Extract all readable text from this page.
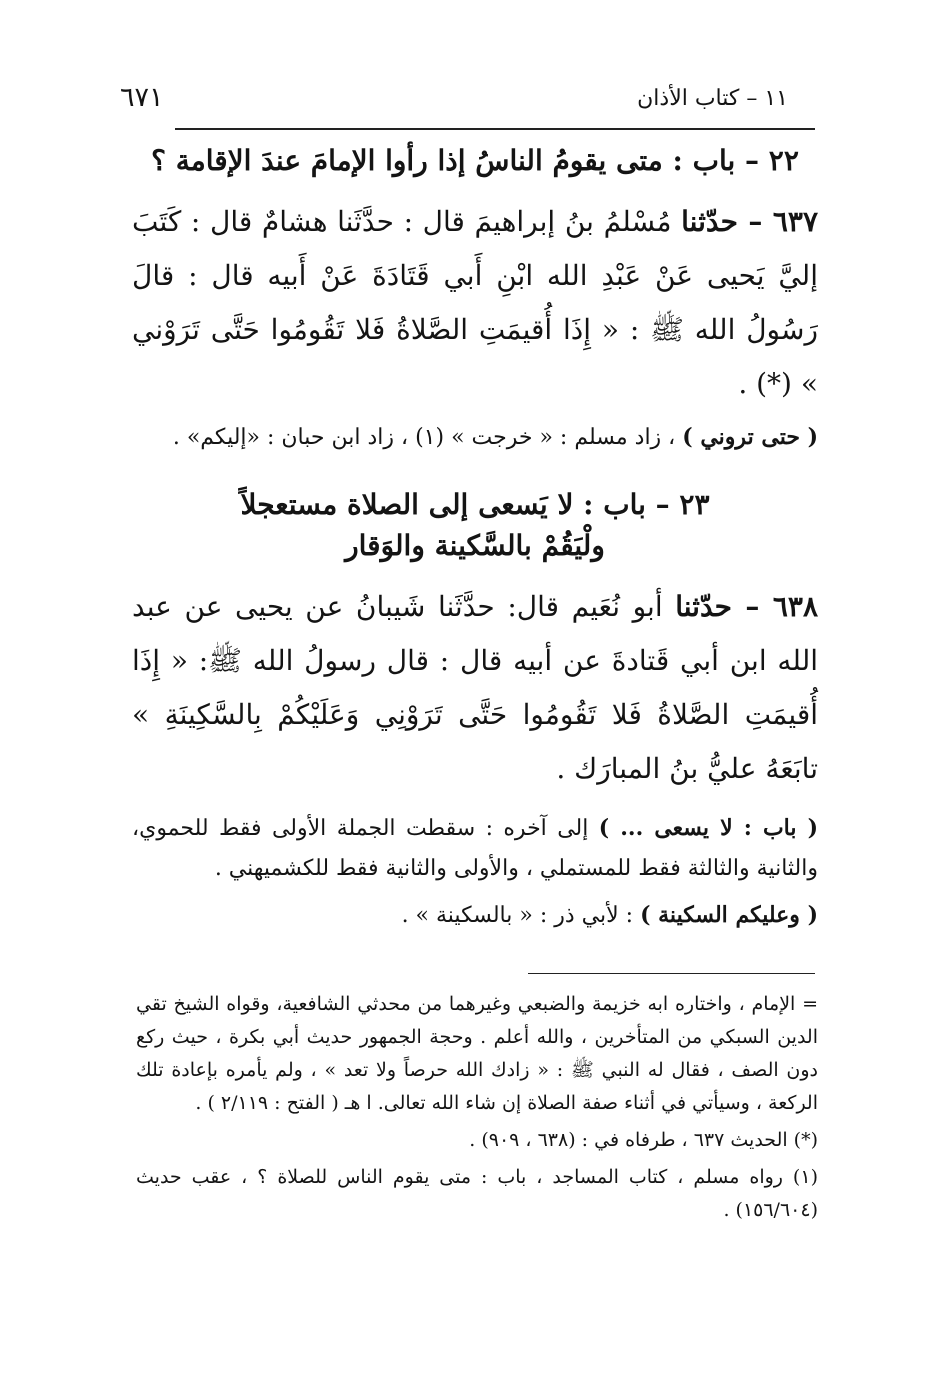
٦٧١	١١ – كتاب الأذان
٢٢ – باب : متى يقومُ الناسُ إذا رأوا الإمامَ عندَ الإقامة ؟

٦٣٧ – حدّثنا مُسْلمُ بنُ إبراهيمَ قال : حدَّثَنا هشامٌ قال : كَتَبَ إليَّ يَحيى عَنْ عَبْدِ الله ابْنِ أَبي قَتَادَةَ عَنْ أَبيه قال : قالَ رَسُولُ الله ﷺ : « إِذَا أُقيمَتِ الصَّلاةُ فَلا تَقُومُوا حَتَّى تَرَوْني » (*) .

( حتى تروني ) ، زاد مسلم : « خرجت » (١) ، زاد ابن حبان : «إليكم» .
٢٣ – باب : لا يَسعى إلى الصلاة مستعجلاً
ولْيَقُمْ بالسَّكينة والوَقار

٦٣٨ – حدّثنا أبو نُعَيم قال: حدَّثَنا شَيبانُ عن يحيى عن عبد الله ابن أبي قَتادةَ عن أبيه قال : قال رسولُ الله ﷺ: « إِذَا أُقيمَتِ الصَّلاةُ فَلا تَقُومُوا حَتَّى تَرَوْنِي وَعَلَيْكُمْ بِالسَّكِينَةِ » تابَعَهُ عليُّ بنُ المبارَك .

( باب : لا يسعى ... ) إلى آخره : سقطت الجملة الأولى فقط للحموي، والثانية والثالثة فقط للمستملي ، والأولى والثانية فقط للكشميهني .
( وعليكم السكينة ) : لأبي ذر : « بالسكينة » .
= الإمام ، واختاره ابه خزيمة والضبعي وغيرهما من محدثي الشافعية، وقواه الشيخ تقي الدين السبكي من المتأخرين ، والله أعلم . وحجة الجمهور حديث أبي بكرة ، حيث ركع دون الصف ، فقال له النبي ﷺ : « زادك الله حرصاً ولا تعد » ، ولم يأمره بإعادة تلك الركعة ، وسيأتي في أثناء صفة الصلاة إن شاء الله تعالى. ا هـ ( الفتح : ٢/١١٩ ) .
(*) الحديث ٦٣٧ ، طرفاه في : (٦٣٨ ، ٩٠٩) .
(١) رواه مسلم ، كتاب المساجد ، باب : متى يقوم الناس للصلاة ؟ ، عقب حديث (١٥٦/٦٠٤) .
